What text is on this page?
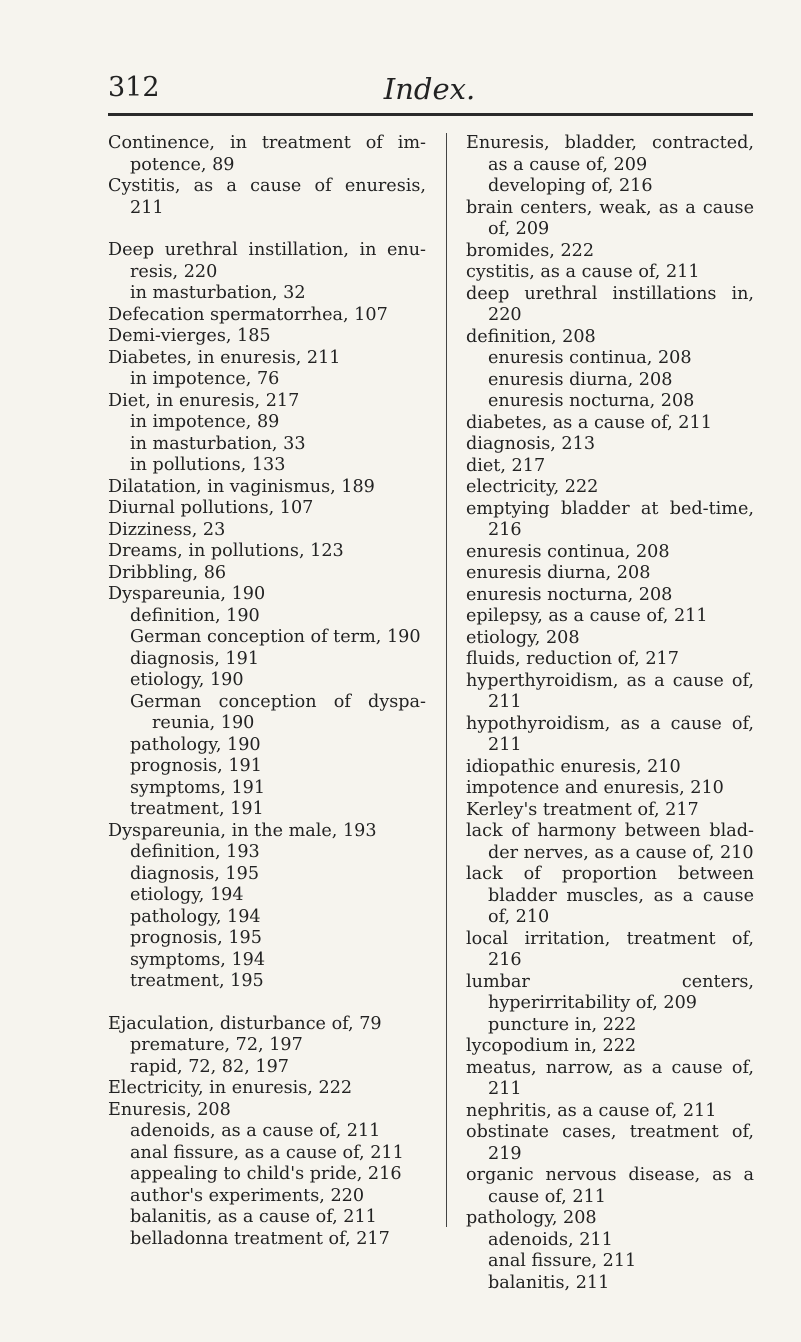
312	Index.
Continence, in treatment of im-potence, 89
Cystitis, as a cause of enuresis, 211
Deep urethral instillation, in enu-resis, 220
in masturbation, 32
Defecation spermatorrhea, 107
Demi-vierges, 185
Diabetes, in enuresis, 211
in impotence, 76
Diet, in enuresis, 217
in impotence, 89
in masturbation, 33
in pollutions, 133
Dilatation, in vaginismus, 189
Diurnal pollutions, 107
Dizziness, 23
Dreams, in pollutions, 123
Dribbling, 86
Dyspareunia, 190
definition, 190
German conception of term, 190
diagnosis, 191
etiology, 190
German conception of dyspa-reunia, 190
pathology, 190
prognosis, 191
symptoms, 191
treatment, 191
Dyspareunia, in the male, 193
definition, 193
diagnosis, 195
etiology, 194
pathology, 194
prognosis, 195
symptoms, 194
treatment, 195
Ejaculation, disturbance of, 79
premature, 72, 197
rapid, 72, 82, 197
Electricity, in enuresis, 222
Enuresis, 208
adenoids, as a cause of, 211
anal fissure, as a cause of, 211
appealing to child's pride, 216
author's experiments, 220
balanitis, as a cause of, 211
belladonna treatment of, 217
Enuresis, bladder, contracted, as a cause of, 209
developing of, 216
brain centers, weak, as a cause of, 209
bromides, 222
cystitis, as a cause of, 211
deep urethral instillations in, 220
definition, 208
enuresis continua, 208
enuresis diurna, 208
enuresis nocturna, 208
diabetes, as a cause of, 211
diagnosis, 213
diet, 217
electricity, 222
emptying bladder at bed-time, 216
enuresis continua, 208
enuresis diurna, 208
enuresis nocturna, 208
epilepsy, as a cause of, 211
etiology, 208
fluids, reduction of, 217
hyperthyroidism, as a cause of, 211
hypothyroidism, as a cause of, 211
idiopathic enuresis, 210
impotence and enuresis, 210
Kerley's treatment of, 217
lack of harmony between blad-der nerves, as a cause of, 210
lack of proportion between bladder muscles, as a cause of, 210
local irritation, treatment of, 216
lumbar centers, hyperirritability of, 209
puncture in, 222
lycopodium in, 222
meatus, narrow, as a cause of, 211
nephritis, as a cause of, 211
obstinate cases, treatment of, 219
organic nervous disease, as a cause of, 211
pathology, 208
adenoids, 211
anal fissure, 211
balanitis, 211
